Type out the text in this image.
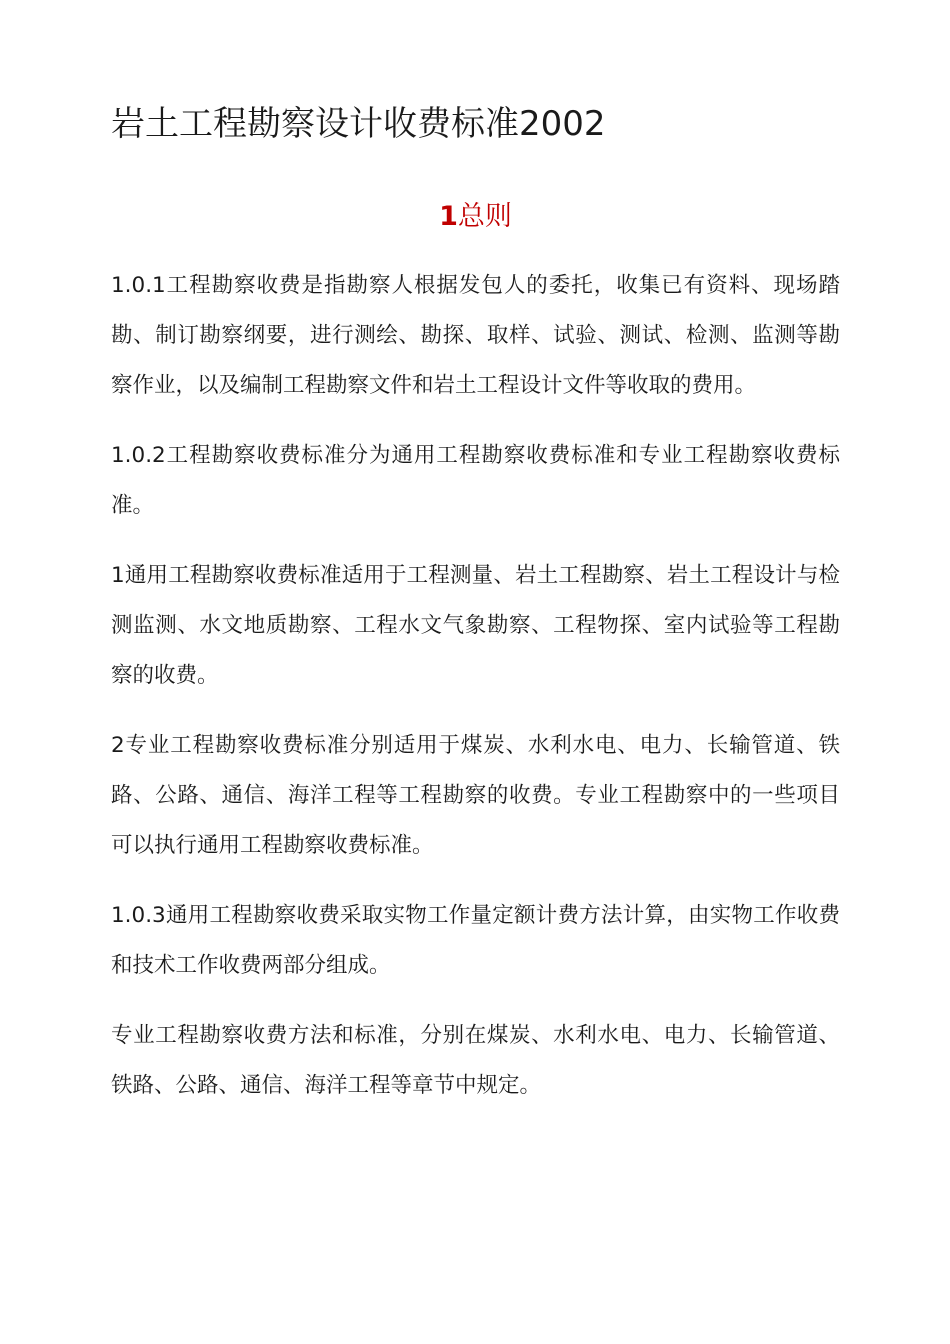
岩土工程勘察设计收费标准2002
1总则

1.0.1工程勘察收费是指勘察人根据发包人的委托，收集已有资料、现场踏勘、制订勘察纲要，进行测绘、勘探、取样、试验、测试、检测、监测等勘察作业，以及编制工程勘察文件和岩土工程设计文件等收取的费用。

1.0.2工程勘察收费标准分为通用工程勘察收费标准和专业工程勘察收费标准。

1通用工程勘察收费标准适用于工程测量、岩土工程勘察、岩土工程设计与检测监测、水文地质勘察、工程水文气象勘察、工程物探、室内试验等工程勘察的收费。

2专业工程勘察收费标准分别适用于煤炭、水利水电、电力、长输管道、铁路、公路、通信、海洋工程等工程勘察的收费。专业工程勘察中的一些项目可以执行通用工程勘察收费标准。

1.0.3通用工程勘察收费采取实物工作量定额计费方法计算，由实物工作收费和技术工作收费两部分组成。

专业工程勘察收费方法和标准，分别在煤炭、水利水电、电力、长输管道、铁路、公路、通信、海洋工程等章节中规定。
